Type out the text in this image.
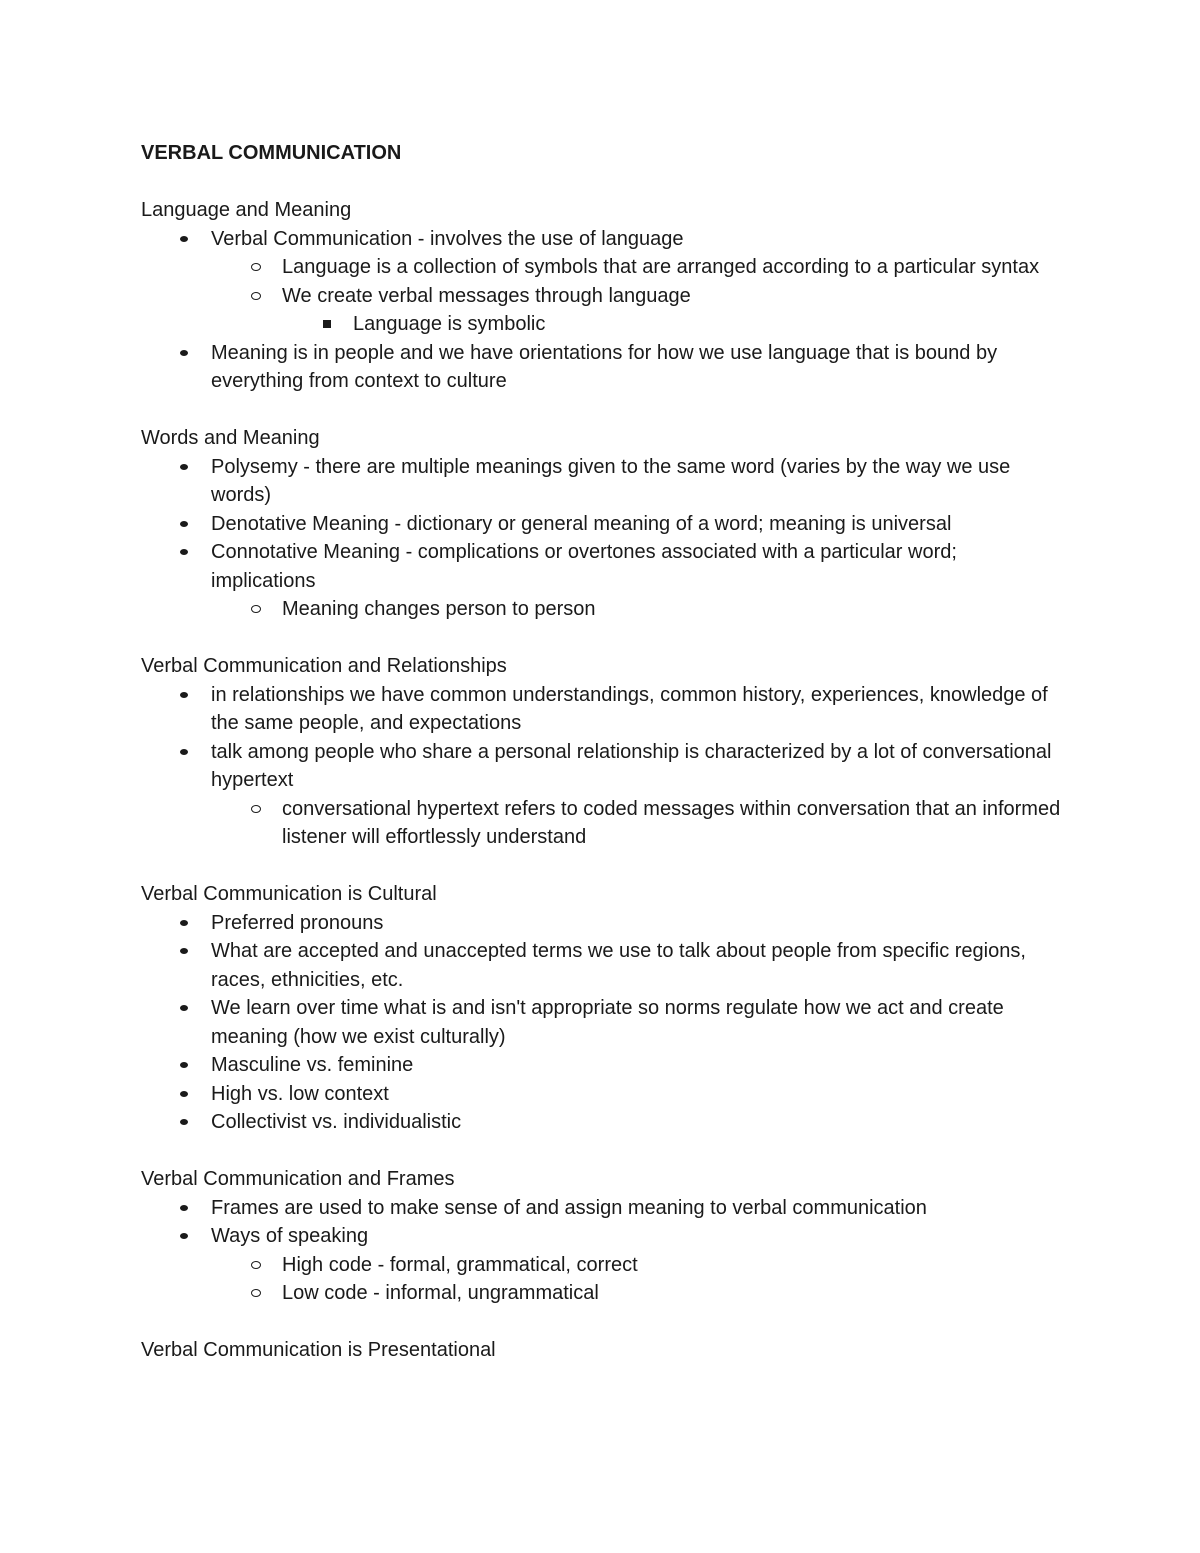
VERBAL COMMUNICATION
Language and Meaning
Verbal Communication - involves the use of language
Language is a collection of symbols that are arranged according to a particular syntax
We create verbal messages through language
Language is symbolic
Meaning is in people and we have orientations for how we use language that is bound by everything from context to culture
Words and Meaning
Polysemy - there are multiple meanings given to the same word (varies by the way we use words)
Denotative Meaning - dictionary or general meaning of a word; meaning is universal
Connotative Meaning - complications or overtones associated with a particular word; implications
Meaning changes person to person
Verbal Communication and Relationships
in relationships we have common understandings, common history, experiences, knowledge of the same people, and expectations
talk among people who share a personal relationship is characterized by a lot of conversational hypertext
conversational hypertext refers to coded messages within conversation that an informed listener will effortlessly understand
Verbal Communication is Cultural
Preferred pronouns
What are accepted and unaccepted terms we use to talk about people from specific regions, races, ethnicities, etc.
We learn over time what is and isn't appropriate so norms regulate how we act and create meaning (how we exist culturally)
Masculine vs. feminine
High vs. low context
Collectivist vs. individualistic
Verbal Communication and Frames
Frames are used to make sense of and assign meaning to verbal communication
Ways of speaking
High code - formal, grammatical, correct
Low code - informal, ungrammatical
Verbal Communication is Presentational
